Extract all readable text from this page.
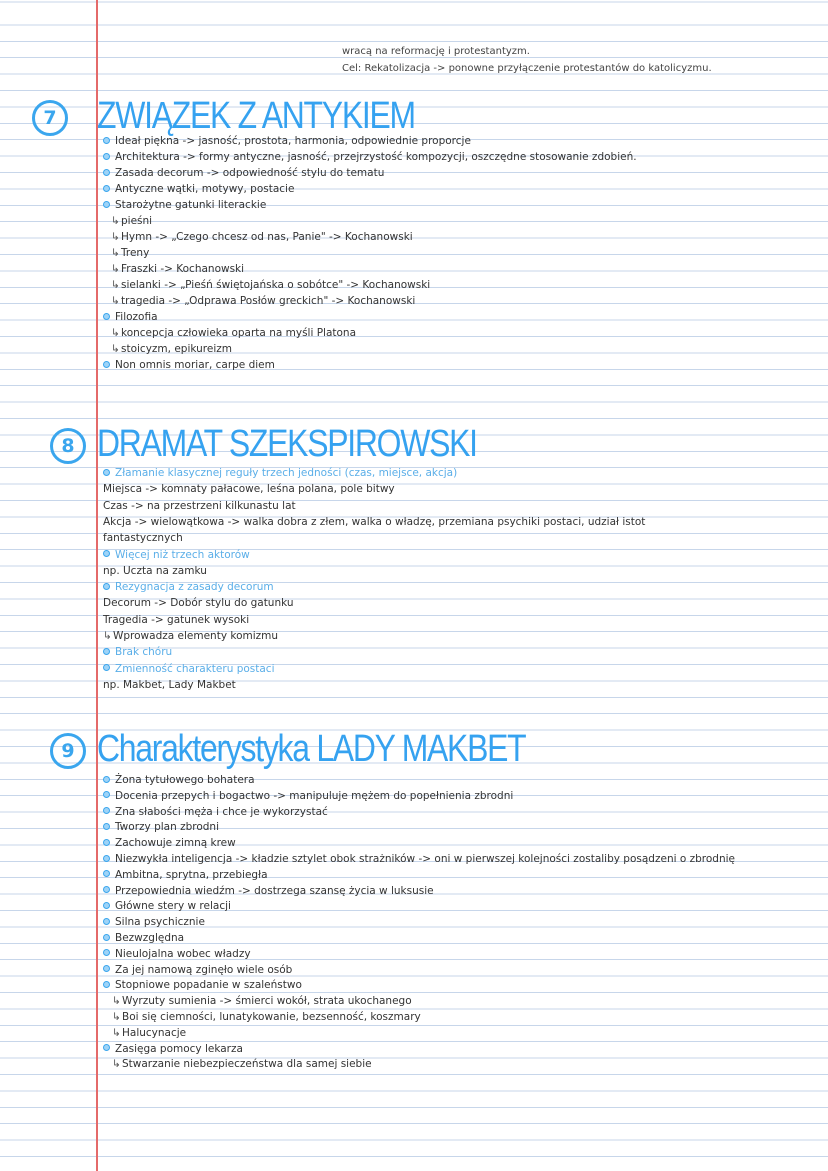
wracą na reformację i protestantyzm.
Cel: Rekatolizacja -> ponowne przyłączenie protestantów do katolicyzmu.
7 ZWIĄZEK Z ANTYKIEM
Ideał piękna -> jasność, prostota, harmonia, odpowiednie proporcje
Architektura -> formy antyczne, jasność, przejrzystość kompozycji, oszczędne stosowanie zdobień.
Zasada decorum -> odpowiedność stylu do tematu
Antyczne wątki, motywy, postacie
Starożytne gatunki literackie
↳pieśni
↳Hymn -> „Czego chcesz od nas, Panie" -> Kochanowski
↳Treny
↳Fraszki -> Kochanowski
↳sielanki -> „Pieśń świętojańska o sobótce" -> Kochanowski
↳tragedia -> „Odprawa Posłów greckich" -> Kochanowski
Filozofia
↳koncepcja człowieka oparta na myśli Platona
↳stoicyzm, epikureizm
Non omnis moriar, carpe diem
8 DRAMAT SZEKSPIROWSKI
Złamanie klasycznej reguły trzech jedności (czas, miejsce, akcja)
Miejsca -> komnaty pałacowe, leśna polana, pole bitwy
Czas -> na przestrzeni kilkunastu lat
Akcja -> wielowątkowa -> walka dobra z złem, walka o władzę, przemiana psychiki postaci, udział istot
fantastycznych
Więcej niż trzech aktorów
np. Uczta na zamku
Rezygnacja z zasady decorum
Decorum -> Dobór stylu do gatunku
Tragedia -> gatunek wysoki
↳Wprowadza elementy komizmu
Brak chóru
Zmienność charakteru postaci
np. Makbet, Lady Makbet
9 Charakterystyka LADY MAKBET
Żona tytułowego bohatera
Docenia przepych i bogactwo -> manipuluje mężem do popełnienia zbrodni
Zna słabości męża i chce je wykorzystać
Tworzy plan zbrodni
Zachowuje zimną krew
Niezwykła inteligencja -> kładzie sztylet obok strażników -> oni w pierwszej kolejności zostaliby posądzeni o zbrodnię
Ambitna, sprytna, przebiegła
Przepowiednia wiedźm -> dostrzega szansę życia w luksusie
Główne stery w relacji
Silna psychicznie
Bezwzględna
Nieulojalna wobec władzy
Za jej namową zginęło wiele osób
Stopniowe popadanie w szaleństwo
↳Wyrzuty sumienia -> śmierci wokół, strata ukochanego
↳Boi się ciemności, lunatykowanie, bezsenność, koszmary
↳Halucynacje
Zasięga pomocy lekarza
↳Stwarzanie niebezpieczeństwa dla samej siebie
